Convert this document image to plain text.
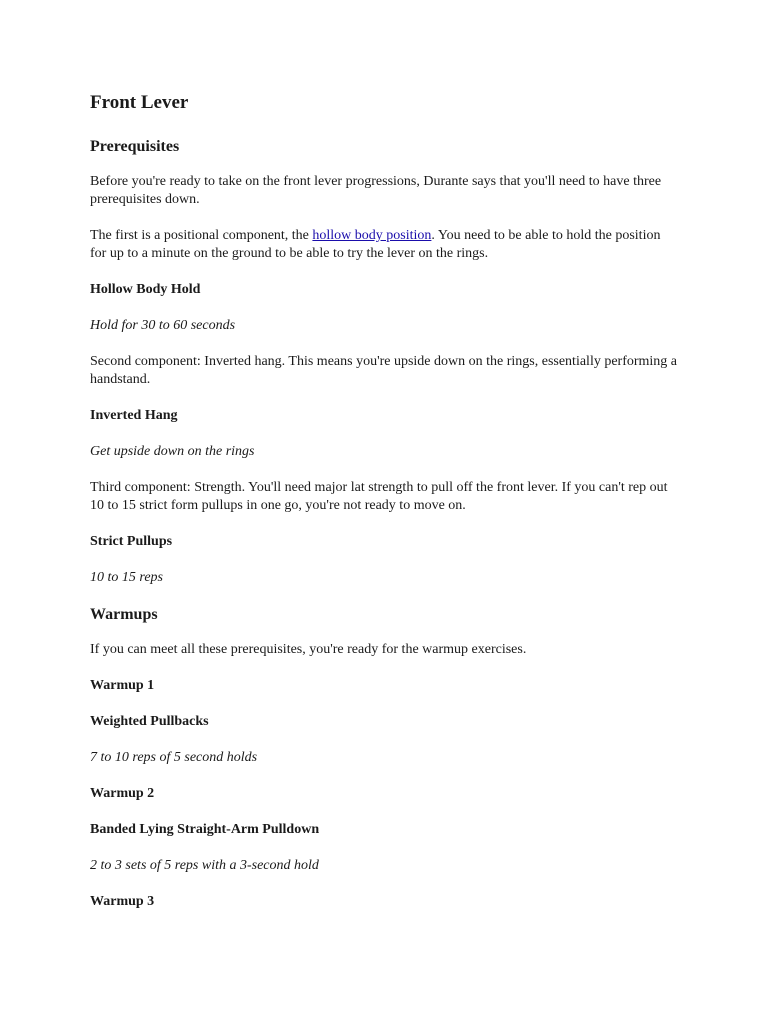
Front Lever
Prerequisites

Before you're ready to take on the front lever progressions, Durante says that you'll need to have three prerequisites down.

The first is a positional component, the hollow body position. You need to be able to hold the position for up to a minute on the ground to be able to try the lever on the rings.

Hollow Body Hold

Hold for 30 to 60 seconds

Second component: Inverted hang. This means you're upside down on the rings, essentially performing a handstand.

Inverted Hang

Get upside down on the rings

Third component: Strength. You'll need major lat strength to pull off the front lever. If you can't rep out 10 to 15 strict form pullups in one go, you're not ready to move on.

Strict Pullups

10 to 15 reps

Warmups

If you can meet all these prerequisites, you're ready for the warmup exercises.

Warmup 1

Weighted Pullbacks

7 to 10 reps of 5 second holds

Warmup 2

Banded Lying Straight-Arm Pulldown

2 to 3 sets of 5 reps with a 3-second hold

Warmup 3
